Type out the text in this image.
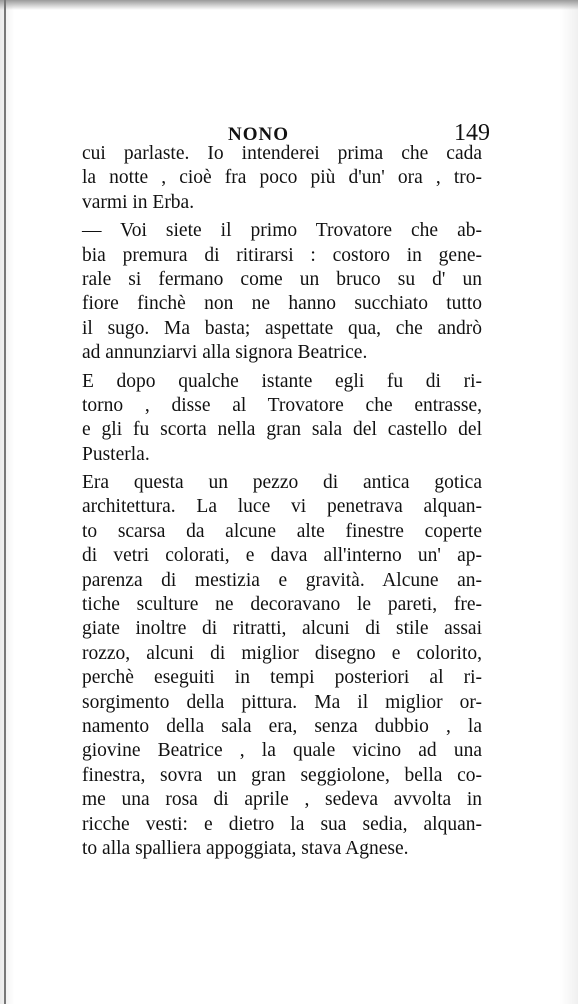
NONO	149
cui parlaste. Io intenderei prima che cada
la notte , cioè fra poco più d'un' ora , tro-
varmi in Erba.
— Voi siete il primo Trovatore che ab-
bia premura di ritirarsi : costoro in gene-
rale si fermano come un bruco su d' un
fiore finchè non ne hanno succhiato tutto
il sugo. Ma basta; aspettate qua, che andrò
ad annunziarvi alla signora Beatrice.
E dopo qualche istante egli fu di ri-
torno , disse al Trovatore che entrasse,
e gli fu scorta nella gran sala del castello del
Pusterla.
Era questa un pezzo di antica gotica
architettura. La luce vi penetrava alquan-
to scarsa da alcune alte finestre coperte
di vetri colorati, e dava all'interno un' ap-
parenza di mestizia e gravità. Alcune an-
tiche sculture ne decoravano le pareti, fre-
giate inoltre di ritratti, alcuni di stile assai
rozzo, alcuni di miglior disegno e colorito,
perchè eseguiti in tempi posteriori al ri-
sorgimento della pittura. Ma il miglior or-
namento della sala era, senza dubbio , la
giovine Beatrice , la quale vicino ad una
finestra, sovra un gran seggiolone, bella co-
me una rosa di aprile , sedeva avvolta in
ricche vesti: e dietro la sua sedia, alquan-
to alla spalliera appoggiata, stava Agnese.
